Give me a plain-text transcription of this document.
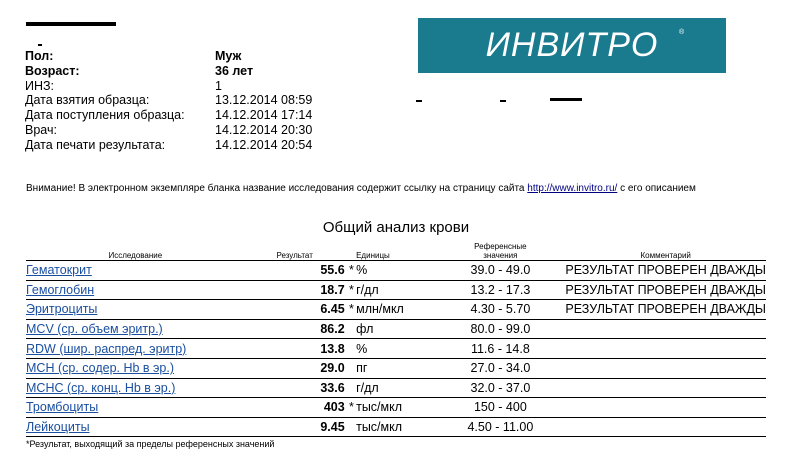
Пол:	Муж
Возраст:	36 лет
ИНЗ:	1
Дата взятия образца:	13.12.2014 08:59
Дата поступления образца:	14.12.2014 17:14
Врач:	14.12.2014 20:30
Дата печати результата:	14.12.2014 20:54
ИНВИТРО	®
Внимание! В электронном экземпляре бланка название исследования содержит ссылку на страницу сайта http://www.invitro.ru/ с его описанием
Общий анализ крови
Исследование	Результат		Единицы	Референсные значения	Комментарий
Гематокрит	55.6	*	%	39.0 - 49.0	РЕЗУЛЬТАТ ПРОВЕРЕН ДВАЖДЫ
Гемоглобин	18.7	*	г/дл	13.2 - 17.3	РЕЗУЛЬТАТ ПРОВЕРЕН ДВАЖДЫ
Эритроциты	6.45	*	млн/мкл	4.30 - 5.70	РЕЗУЛЬТАТ ПРОВЕРЕН ДВАЖДЫ
MCV (ср. объем эритр.)	86.2		фл	80.0 - 99.0	
RDW (шир. распред. эритр)	13.8		%	11.6 - 14.8	
MCH (ср. содер. Hb в эр.)	29.0		пг	27.0 - 34.0	
MCHC (ср. конц. Hb в эр.)	33.6		г/дл	32.0 - 37.0	
Тромбоциты	403	*	тыс/мкл	150 - 400	
Лейкоциты	9.45		тыс/мкл	4.50 - 11.00	
*Результат, выходящий за пределы референсных значений
